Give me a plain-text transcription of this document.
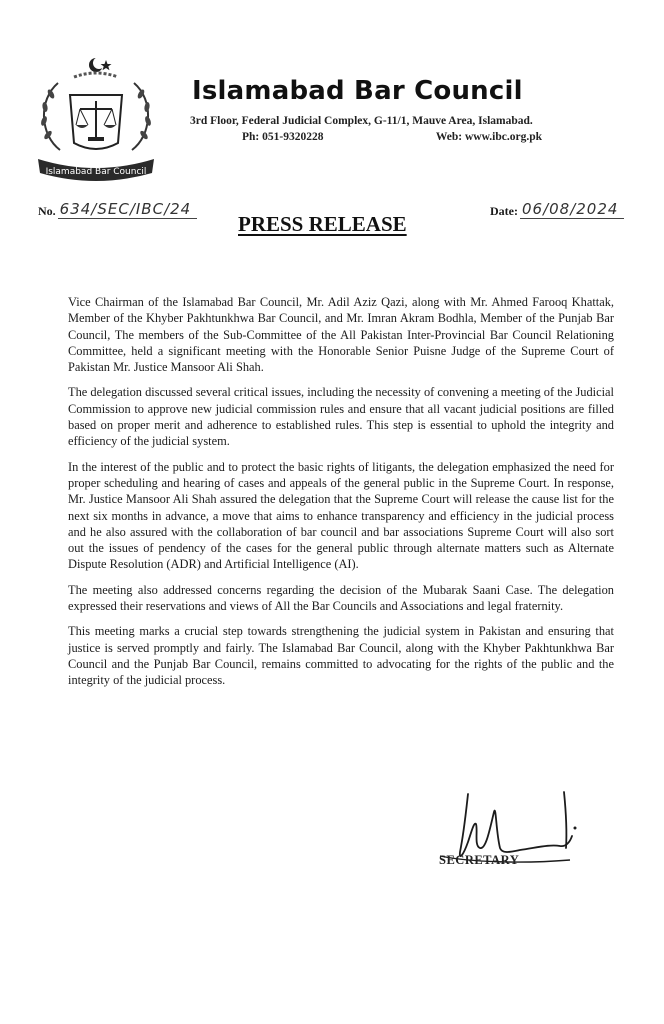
Islamabad Bar Council
Islamabad Bar Council
3rd Floor, Federal Judicial Complex, G-11/1, Mauve Area, Islamabad.
Ph: 051-9320228	Web: www.ibc.org.pk
No. 634/SEC/IBC/24
PRESS RELEASE
Date: 06/08/2024

Vice Chairman of the Islamabad Bar Council, Mr. Adil Aziz Qazi, along with Mr. Ahmed Farooq Khattak, Member of the Khyber Pakhtunkhwa Bar Council, and Mr. Imran Akram Bodhla, Member of the Punjab Bar Council, The members of the Sub-Committee of the All Pakistan Inter-Provincial Bar Council Relationing Committee, held a significant meeting with the Honorable Senior Puisne Judge of the Supreme Court of Pakistan Mr. Justice Mansoor Ali Shah.

The delegation discussed several critical issues, including the necessity of convening a meeting of the Judicial Commission to approve new judicial commission rules and ensure that all vacant judicial positions are filled based on proper merit and adherence to established rules. This step is essential to uphold the integrity and efficiency of the judicial system.

In the interest of the public and to protect the basic rights of litigants, the delegation emphasized the need for proper scheduling and hearing of cases and appeals of the general public in the Supreme Court. In response, Mr. Justice Mansoor Ali Shah assured the delegation that the Supreme Court will release the cause list for the next six months in advance, a move that aims to enhance transparency and efficiency in the judicial process and he also assured with the collaboration of bar council and bar associations Supreme Court will also sort out the issues of pendency of the cases for the general public through alternate matters such as Alternate Dispute Resolution (ADR) and Artificial Intelligence (AI).

The meeting also addressed concerns regarding the decision of the Mubarak Saani Case. The delegation expressed their reservations and views of All the Bar Councils and Associations and legal fraternity.

This meeting marks a crucial step towards strengthening the judicial system in Pakistan and ensuring that justice is served promptly and fairly. The Islamabad Bar Council, along with the Khyber Pakhtunkhwa Bar Council and the Punjab Bar Council, remains committed to advocating for the rights of the public and the integrity of the judicial process.

SECRETARY
